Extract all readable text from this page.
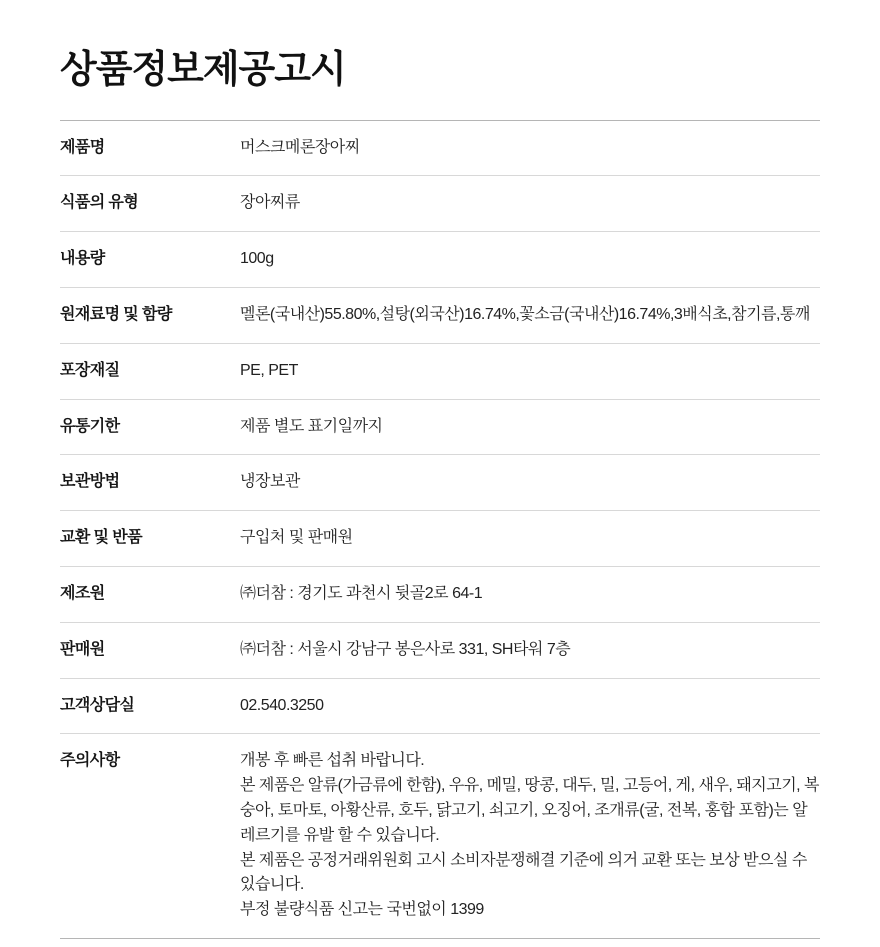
상품정보제공고시
제품명	머스크메론장아찌
식품의 유형	장아찌류
내용량	100g
원재료명 및 함량	멜론(국내산)55.80%,설탕(외국산)16.74%,꽃소금(국내산)16.74%,3배식초,참기름,통깨
포장재질	PE, PET
유통기한	제품 별도 표기일까지
보관방법	냉장보관
교환 및 반품	구입처 및 판매원
제조원	㈜더참 : 경기도 과천시 뒷골2로 64-1
판매원	㈜더참 : 서울시 강남구 봉은사로 331, SH타워 7층
고객상담실	02.540.3250
주의사항	개봉 후 빠른 섭취 바랍니다.
본 제품은 알류(가금류에 한함), 우유, 메밀, 땅콩, 대두, 밀, 고등어, 게, 새우, 돼지고기, 복숭아, 토마토, 아황산류, 호두, 닭고기, 쇠고기, 오징어, 조개류(굴, 전복, 홍합 포함)는 알레르기를 유발 할 수 있습니다.
본 제품은 공정거래위원회 고시 소비자분쟁해결 기준에 의거 교환 또는 보상 받으실 수 있습니다.
부정 불량식품 신고는 국번없이 1399
